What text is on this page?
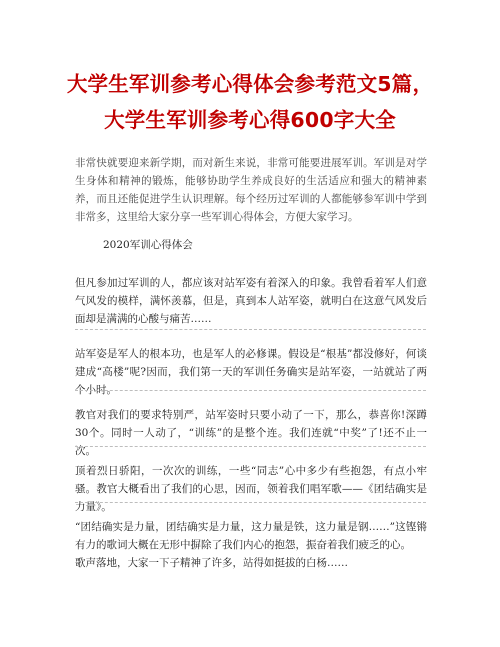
大学生军训参考心得体会参考范文5篇，大学生军训参考心得600字大全

非常快就要迎来新学期，而对新生来说，非常可能要进展军训。军训是对学生身体和精神的锻炼，能够协助学生养成良好的生活适应和强大的精神素养，而且还能促进学生认识理解。每个经历过军训的人都能够参军训中学到非常多，这里给大家分享一些军训心得体会，方便大家学习。

2020军训心得体会

但凡参加过军训的人，都应该对站军姿有着深入的印象。我曾看着军人们意气风发的模样，满怀羡慕，但是，真到本人站军姿，就明白在这意气风发后面却是满满的心酸与痛苦……

站军姿是军人的根本功，也是军人的必修课。假设是“根基”都没修好，何谈建成“高楼”呢?因而，我们第一天的军训任务确实是站军姿，一站就站了两个小时。

教官对我们的要求特别严，站军姿时只要小动了一下，那么，恭喜你!深蹲30个。同时一人动了，“训练”的是整个连。我们连就“中奖”了!还不止一次。

顶着烈日骄阳，一次次的训练，一些“同志”心中多少有些抱怨，有点小牢骚。教官大概看出了我们的心思，因而，领着我们唱军歌——《团结确实是力量》。

“团结确实是力量，团结确实是力量，这力量是铁，这力量是钢……”这铿锵有力的歌词大概在无形中摒除了我们内心的抱怨，振奋着我们疲乏的心。

歌声落地，大家一下子精神了许多，站得如挺拔的白杨……
